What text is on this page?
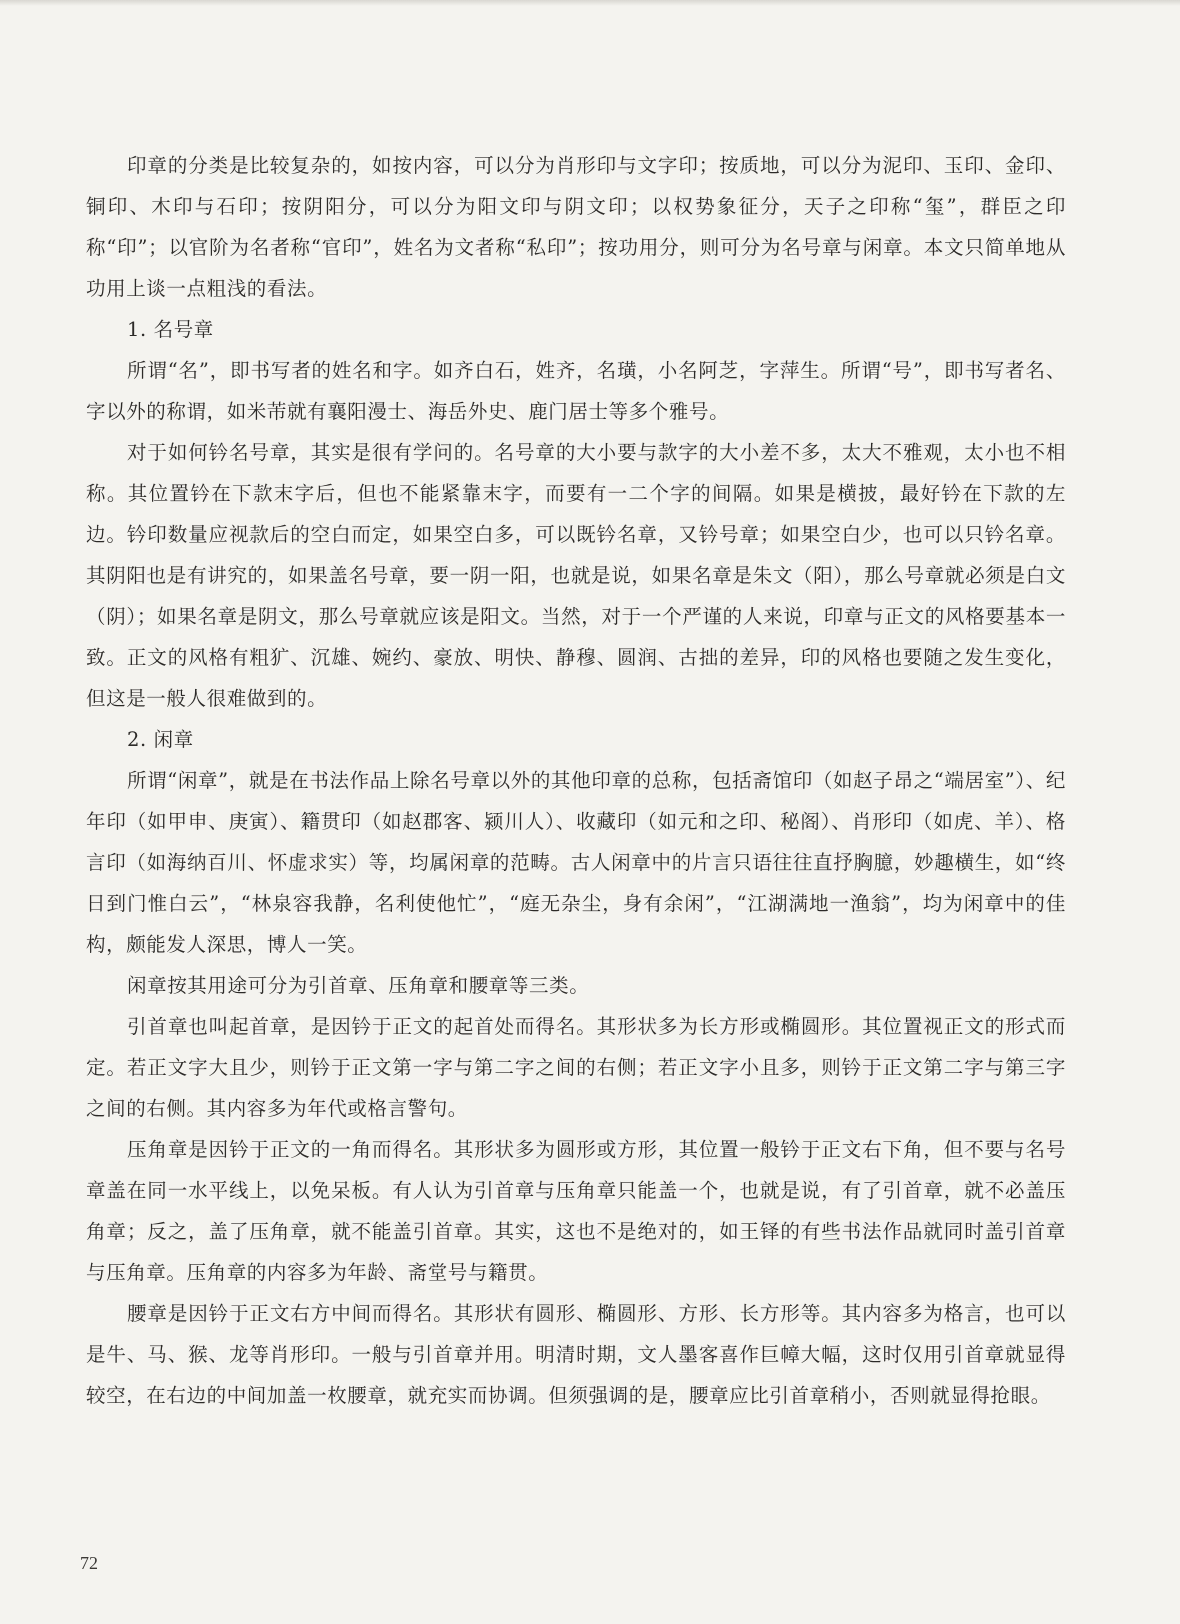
印章的分类是比较复杂的，如按内容，可以分为肖形印与文字印；按质地，可以分为泥印、玉印、金印、铜印、木印与石印；按阴阳分，可以分为阳文印与阴文印；以权势象征分，天子之印称“玺”，群臣之印称“印”；以官阶为名者称“官印”，姓名为文者称“私印”；按功用分，则可分为名号章与闲章。本文只简单地从功用上谈一点粗浅的看法。

1. 名号章

所谓“名”，即书写者的姓名和字。如齐白石，姓齐，名璜，小名阿芝，字萍生。所谓“号”，即书写者名、字以外的称谓，如米芾就有襄阳漫士、海岳外史、鹿门居士等多个雅号。

对于如何钤名号章，其实是很有学问的。名号章的大小要与款字的大小差不多，太大不雅观，太小也不相称。其位置钤在下款末字后，但也不能紧靠末字，而要有一二个字的间隔。如果是横披，最好钤在下款的左边。钤印数量应视款后的空白而定，如果空白多，可以既钤名章，又钤号章；如果空白少，也可以只钤名章。其阴阳也是有讲究的，如果盖名号章，要一阴一阳，也就是说，如果名章是朱文（阳），那么号章就必须是白文（阴）；如果名章是阴文，那么号章就应该是阳文。当然，对于一个严谨的人来说，印章与正文的风格要基本一致。正文的风格有粗犷、沉雄、婉约、豪放、明快、静穆、圆润、古拙的差异，印的风格也要随之发生变化，但这是一般人很难做到的。

2. 闲章

所谓“闲章”，就是在书法作品上除名号章以外的其他印章的总称，包括斋馆印（如赵子昂之“端居室”）、纪年印（如甲申、庚寅）、籍贯印（如赵郡客、颍川人）、收藏印（如元和之印、秘阁）、肖形印（如虎、羊）、格言印（如海纳百川、怀虚求实）等，均属闲章的范畴。古人闲章中的片言只语往往直抒胸臆，妙趣横生，如“终日到门惟白云”，“林泉容我静，名利使他忙”，“庭无杂尘，身有余闲”，“江湖满地一渔翁”，均为闲章中的佳构，颇能发人深思，博人一笑。

闲章按其用途可分为引首章、压角章和腰章等三类。

引首章也叫起首章，是因钤于正文的起首处而得名。其形状多为长方形或椭圆形。其位置视正文的形式而定。若正文字大且少，则钤于正文第一字与第二字之间的右侧；若正文字小且多，则钤于正文第二字与第三字之间的右侧。其内容多为年代或格言警句。

压角章是因钤于正文的一角而得名。其形状多为圆形或方形，其位置一般钤于正文右下角，但不要与名号章盖在同一水平线上，以免呆板。有人认为引首章与压角章只能盖一个，也就是说，有了引首章，就不必盖压角章；反之，盖了压角章，就不能盖引首章。其实，这也不是绝对的，如王铎的有些书法作品就同时盖引首章与压角章。压角章的内容多为年龄、斋堂号与籍贯。

腰章是因钤于正文右方中间而得名。其形状有圆形、椭圆形、方形、长方形等。其内容多为格言，也可以是牛、马、猴、龙等肖形印。一般与引首章并用。明清时期，文人墨客喜作巨幛大幅，这时仅用引首章就显得较空，在右边的中间加盖一枚腰章，就充实而协调。但须强调的是，腰章应比引首章稍小，否则就显得抢眼。

72
